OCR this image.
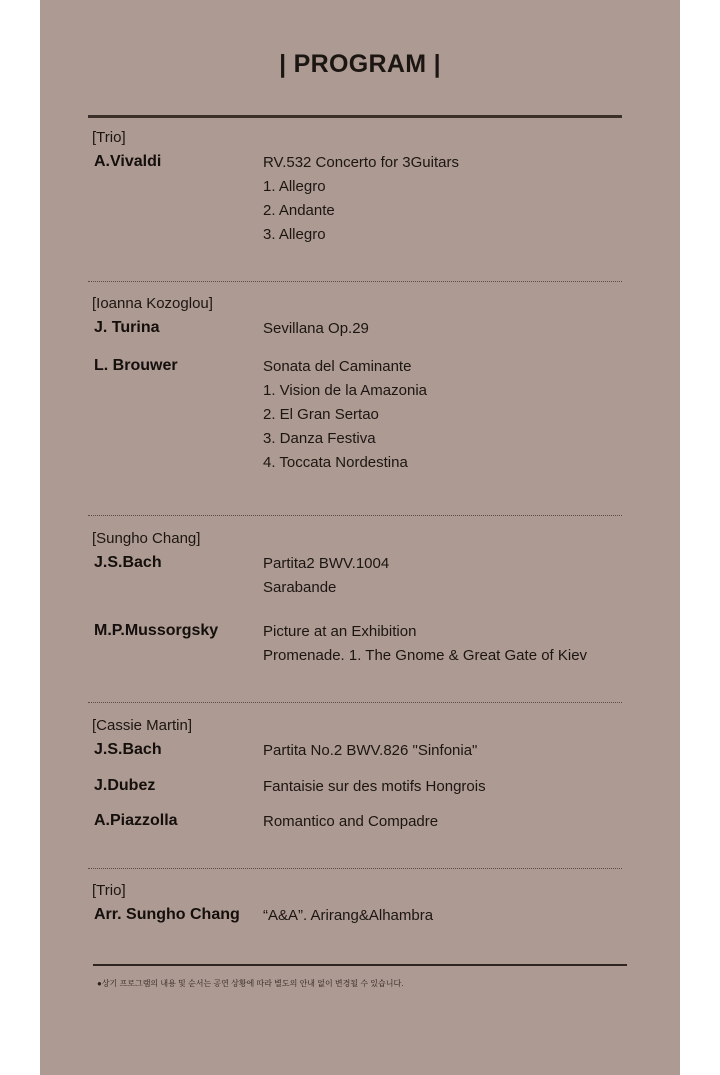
| PROGRAM |
[Trio]
A.Vivaldi	RV.532 Concerto for 3Guitars
1. Allegro
2. Andante
3. Allegro
[Ioanna Kozoglou]
J. Turina	Sevillana Op.29
L. Brouwer	Sonata del Caminante
1. Vision de la Amazonia
2. El Gran Sertao
3. Danza Festiva
4. Toccata Nordestina
[Sungho Chang]
J.S.Bach	Partita2 BWV.1004
Sarabande
M.P.Mussorgsky	Picture at an Exhibition
Promenade. 1. The Gnome & Great Gate of Kiev
[Cassie Martin]
J.S.Bach	Partita No.2 BWV.826 "Sinfonia"
J.Dubez	Fantaisie sur des motifs Hongrois
A.Piazzolla	Romantico and Compadre
[Trio]
Arr. Sungho Chang “A&A”. Arirang&Alhambra
●상기 프로그램의 내용 및 순서는 공연 상황에 따라 별도의 안내 없이 변경될 수 있습니다.
